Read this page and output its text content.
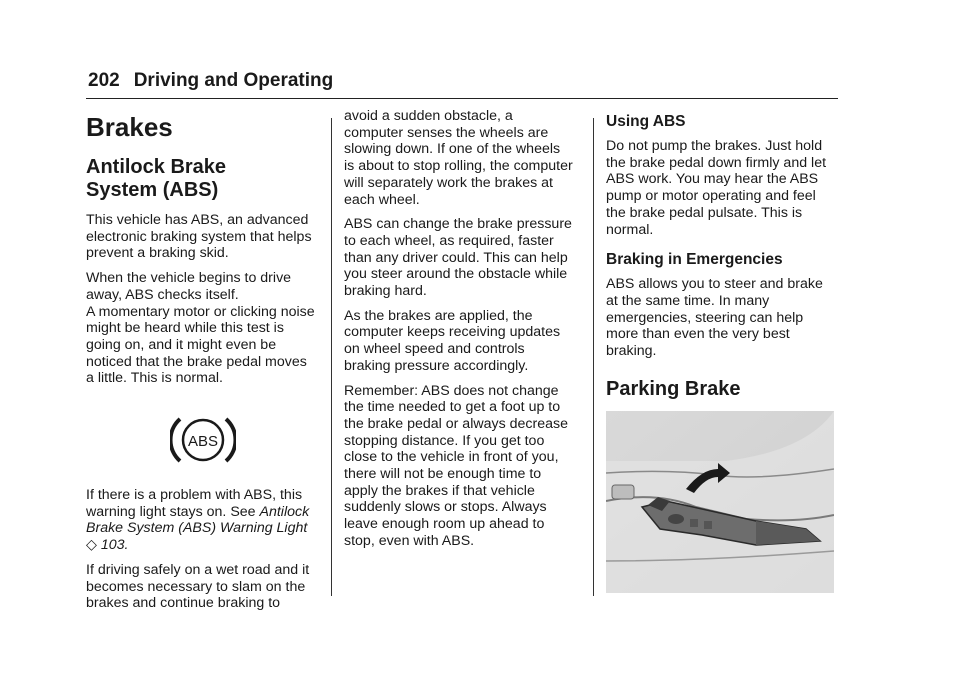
202 Driving and Operating
Brakes
Antilock Brake
System (ABS)

This vehicle has ABS, an advanced
electronic braking system that helps
prevent a braking skid.

When the vehicle begins to drive
away, ABS checks itself.
A momentary motor or clicking noise
might be heard while this test is
going on, and it might even be
noticed that the brake pedal moves
a little. This is normal.

ABS

If there is a problem with ABS, this
warning light stays on. See Antilock
Brake System (ABS) Warning Light
◇ 103.

If driving safely on a wet road and it
becomes necessary to slam on the
brakes and continue braking to

avoid a sudden obstacle, a
computer senses the wheels are
slowing down. If one of the wheels
is about to stop rolling, the computer
will separately work the brakes at
each wheel.

ABS can change the brake pressure
to each wheel, as required, faster
than any driver could. This can help
you steer around the obstacle while
braking hard.

As the brakes are applied, the
computer keeps receiving updates
on wheel speed and controls
braking pressure accordingly.

Remember: ABS does not change
the time needed to get a foot up to
the brake pedal or always decrease
stopping distance. If you get too
close to the vehicle in front of you,
there will not be enough time to
apply the brakes if that vehicle
suddenly slows or stops. Always
leave enough room up ahead to
stop, even with ABS.

Using ABS

Do not pump the brakes. Just hold
the brake pedal down firmly and let
ABS work. You may hear the ABS
pump or motor operating and feel
the brake pedal pulsate. This is
normal.

Braking in Emergencies

ABS allows you to steer and brake
at the same time. In many
emergencies, steering can help
more than even the very best
braking.

Parking Brake
